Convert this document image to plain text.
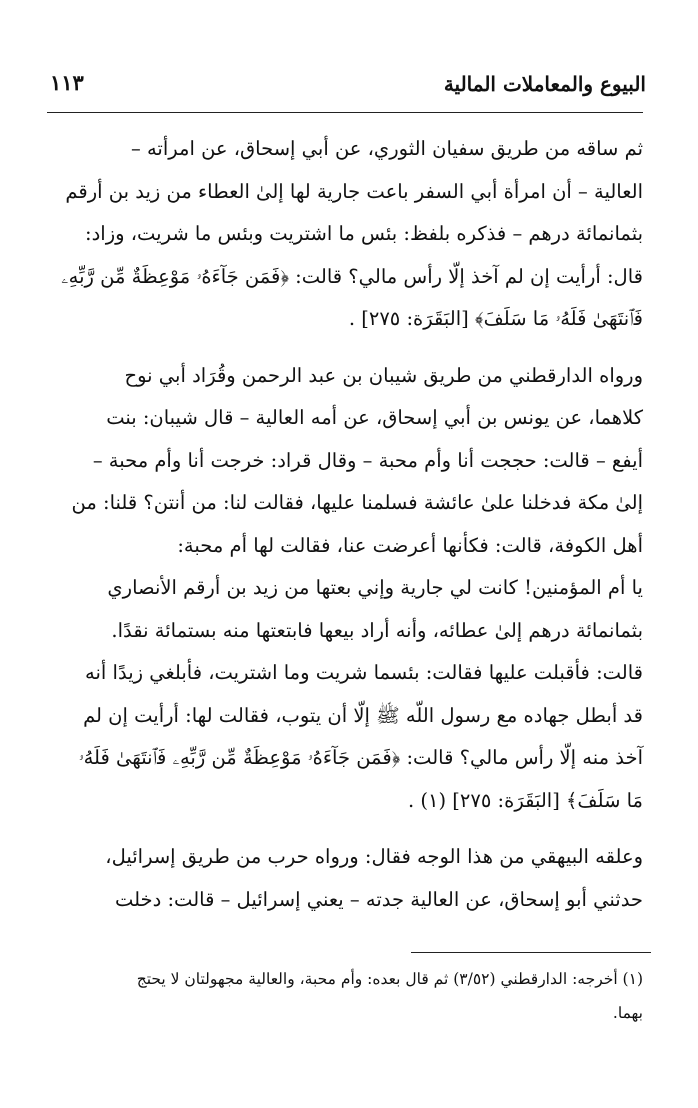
البيوع والمعاملات المالية
١١٣

ثم ساقه من طريق سفيان الثوري، عن أبي إسحاق، عن امرأته –

العالية – أن امرأة أبي السفر باعت جارية لها إلىٰ العطاء من زيد بن أرقم

بثمانمائة درهم – فذكره بلفظ: بئس ما اشتريت وبئس ما شريت، وزاد:

قال: أرأيت إن لم آخذ إلّا رأس مالي؟ قالت: ﴿فَمَن جَآءَهُۥ مَوْعِظَةٌ مِّن رَّبِّهِۦ

فَٱنتَهَىٰ فَلَهُۥ مَا سَلَفَ﴾ [البَقَرَة: ٢٧٥] .

ورواه الدارقطني من طريق شيبان بن عبد الرحمن وقُرَاد أبي نوح

كلاهما، عن يونس بن أبي إسحاق، عن أمه العالية – قال شيبان: بنت

أيفع – قالت: حججت أنا وأم محبة – وقال قراد: خرجت أنا وأم محبة –

إلىٰ مكة فدخلنا علىٰ عائشة فسلمنا عليها، فقالت لنا: من أنتن؟ قلنا: من

أهل الكوفة، قالت: فكأنها أعرضت عنا، فقالت لها أم محبة:

يا أم المؤمنين! كانت لي جارية وإني بعتها من زيد بن أرقم الأنصاري

بثمانمائة درهم إلىٰ عطائه، وأنه أراد بيعها فابتعتها منه بستمائة نقدًا.

قالت: فأقبلت عليها فقالت: بئسما شريت وما اشتريت، فأبلغي زيدًا أنه

قد أبطل جهاده مع رسول اللّه ﷺ إلّا أن يتوب، فقالت لها: أرأيت إن لم

آخذ منه إلّا رأس مالي؟ قالت: ﴿فَمَن جَآءَهُۥ مَوْعِظَةٌ مِّن رَّبِّهِۦ فَٱنتَهَىٰ فَلَهُۥ

مَا سَلَفَ﴾ [البَقَرَة: ٢٧٥] (١) .

وعلقه البيهقي من هذا الوجه فقال: ورواه حرب من طريق إسرائيل،

حدثني أبو إسحاق، عن العالية جدته – يعني إسرائيل – قالت: دخلت

(١) أخرجه: الدارقطني (٣/٥٢) ثم قال بعده: وأم محبة، والعالية مجهولتان لا يحتج
بهما.
